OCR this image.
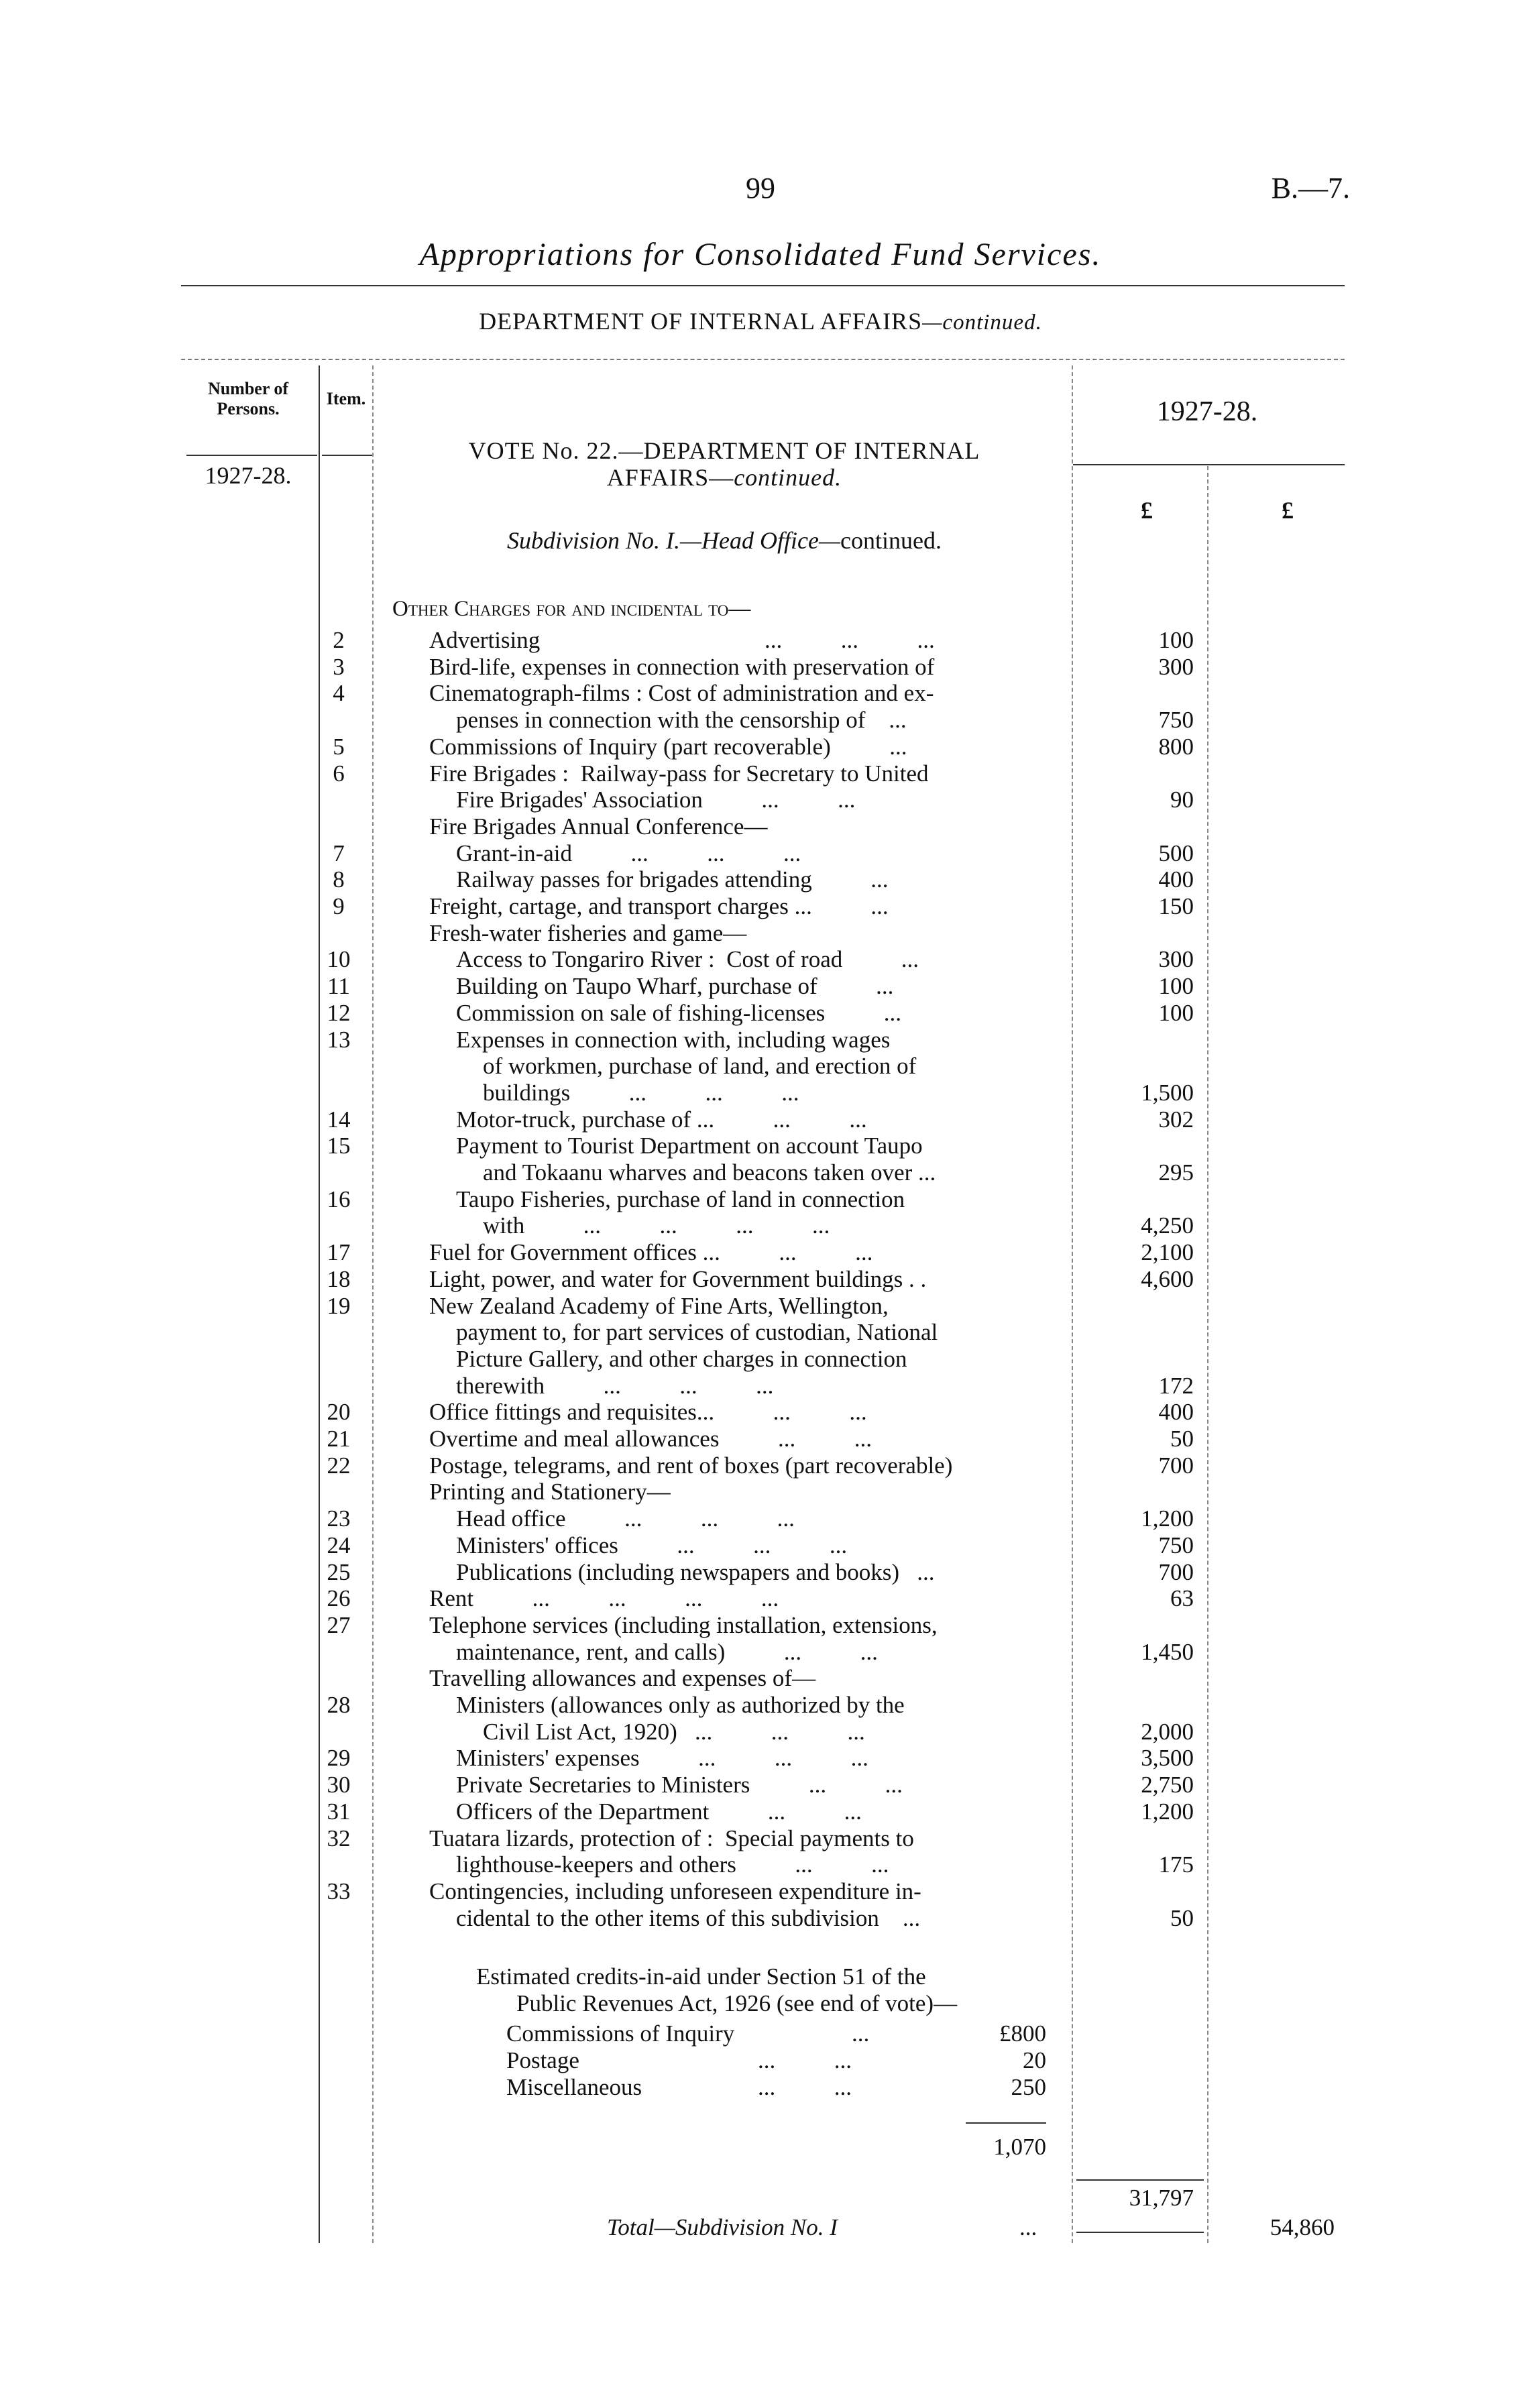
99	B.—7.
Appropriations for Consolidated Fund Services.
DEPARTMENT OF INTERNAL AFFAIRS—continued.
Number of Persons.
Item.
1927-28.
1927-28.
£	£
VOTE No. 22.—DEPARTMENT OF INTERNAL
AFFAIRS—continued.
Subdivision No. I.—Head Office—continued.
Other Charges for and incidental to—
2	Advertising	...          ...          ...	100
3	Bird-life, expenses in connection with preservation of	300
4	Cinematograph-films : Cost of administration and ex-
penses in connection with the censorship of    ...	750
5	Commissions of Inquiry (part recoverable)          ...	800
6	Fire Brigades :  Railway-pass for Secretary to United
Fire Brigades' Association          ...          ...	90
Fire Brigades Annual Conference—
7	Grant-in-aid          ...          ...          ...	500
8	Railway passes for brigades attending          ...	400
9	Freight, cartage, and transport charges ...          ...	150
Fresh-water fisheries and game—
10	Access to Tongariro River :  Cost of road          ...	300
11	Building on Taupo Wharf, purchase of          ...	100
12	Commission on sale of fishing-licenses          ...	100
13	Expenses in connection with, including wages
of workmen, purchase of land, and erection of
buildings          ...          ...          ...	1,500
14	Motor-truck, purchase of ...          ...          ...	302
15	Payment to Tourist Department on account Taupo
and Tokaanu wharves and beacons taken over ...	295
16	Taupo Fisheries, purchase of land in connection
with          ...          ...          ...          ...	4,250
17	Fuel for Government offices ...          ...          ...	2,100
18	Light, power, and water for Government buildings . .	4,600
19	New Zealand Academy of Fine Arts, Wellington,
payment to, for part services of custodian, National
Picture Gallery, and other charges in connection
therewith          ...          ...          ...	172
20	Office fittings and requisites...          ...          ...	400
21	Overtime and meal allowances          ...          ...	50
22	Postage, telegrams, and rent of boxes (part recoverable)	700
Printing and Stationery—
23	Head office          ...          ...          ...	1,200
24	Ministers' offices          ...          ...          ...	750
25	Publications (including newspapers and books)   ...	700
26	Rent          ...          ...          ...          ...	63
27	Telephone services (including installation, extensions,
maintenance, rent, and calls)          ...          ...	1,450
Travelling allowances and expenses of—
28	Ministers (allowances only as authorized by the
Civil List Act, 1920)   ...          ...          ...	2,000
29	Ministers' expenses          ...          ...          ...	3,500
30	Private Secretaries to Ministers          ...          ...	2,750
31	Officers of the Department          ...          ...	1,200
32	Tuatara lizards, protection of :  Special payments to
lighthouse-keepers and others          ...          ...	175
33	Contingencies, including unforeseen expenditure in-
cidental to the other items of this subdivision    ...	50
Estimated credits-in-aid under Section 51 of the
Public Revenues Act, 1926 (see end of vote)—
Commissions of Inquiry	...	£800
Postage	...          ...	20
Miscellaneous	...          ...	250
1,070
31,797
Total—Subdivision No. I	...	54,860
